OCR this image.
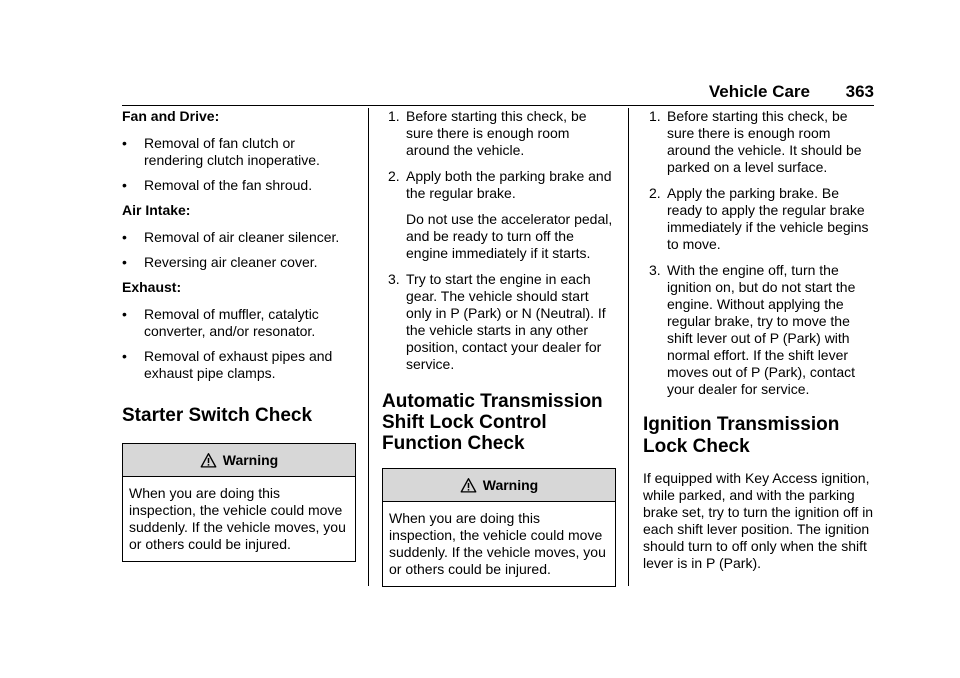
Vehicle Care 363
Fan and Drive:
• Removal of fan clutch or rendering clutch inoperative.
• Removal of the fan shroud.
Air Intake:
• Removal of air cleaner silencer.
• Reversing air cleaner cover.
Exhaust:
• Removal of muffler, catalytic converter, and/or resonator.
• Removal of exhaust pipes and exhaust pipe clamps.
Starter Switch Check
Warning
When you are doing this inspection, the vehicle could move suddenly. If the vehicle moves, you or others could be injured.
1. Before starting this check, be sure there is enough room around the vehicle.
2. Apply both the parking brake and the regular brake.
Do not use the accelerator pedal, and be ready to turn off the engine immediately if it starts.
3. Try to start the engine in each gear. The vehicle should start only in P (Park) or N (Neutral). If the vehicle starts in any other position, contact your dealer for service.
Automatic Transmission Shift Lock Control Function Check
Warning
When you are doing this inspection, the vehicle could move suddenly. If the vehicle moves, you or others could be injured.
1. Before starting this check, be sure there is enough room around the vehicle. It should be parked on a level surface.
2. Apply the parking brake. Be ready to apply the regular brake immediately if the vehicle begins to move.
3. With the engine off, turn the ignition on, but do not start the engine. Without applying the regular brake, try to move the shift lever out of P (Park) with normal effort. If the shift lever moves out of P (Park), contact your dealer for service.
Ignition Transmission Lock Check
If equipped with Key Access ignition, while parked, and with the parking brake set, try to turn the ignition off in each shift lever position. The ignition should turn to off only when the shift lever is in P (Park).
